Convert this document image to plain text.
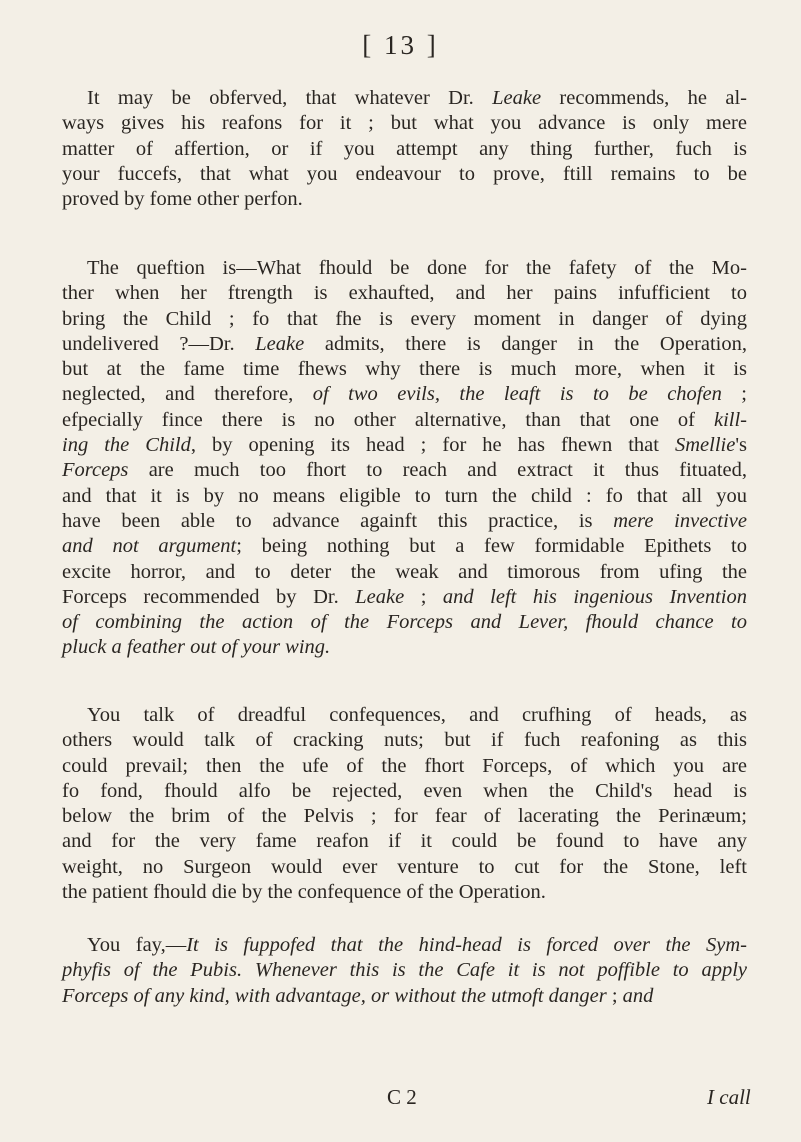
[ 13 ]
It may be obferved, that whatever Dr. Leake recommends, he al-
ways gives his reafons for it ; but what you advance is only mere
matter of affertion, or if you attempt any thing further, fuch is
your fuccefs, that what you endeavour to prove, ftill remains to be
proved by fome other perfon.
The queftion is—What fhould be done for the fafety of the Mo-
ther when her ftrength is exhaufted, and her pains infufficient to
bring the Child ; fo that fhe is every moment in danger of dying
undelivered ?—Dr. Leake admits, there is danger in the Operation,
but at the fame time fhews why there is much more, when it is
neglected, and therefore, of two evils, the leaft is to be chofen ;
efpecially fince there is no other alternative, than that one of kill-
ing the Child, by opening its head ; for he has fhewn that Smellie's
Forceps are much too fhort to reach and extract it thus fituated,
and that it is by no means eligible to turn the child : fo that all you
have been able to advance againft this practice, is mere invective
and not argument; being nothing but a few formidable Epithets to
excite horror, and to deter the weak and timorous from ufing the
Forceps recommended by Dr. Leake ; and left his ingenious Invention
of combining the action of the Forceps and Lever, fhould chance to
pluck a feather out of your wing.
You talk of dreadful confequences, and crufhing of heads, as
others would talk of cracking nuts; but if fuch reafoning as this
could prevail; then the ufe of the fhort Forceps, of which you are
fo fond, fhould alfo be rejected, even when the Child's head is
below the brim of the Pelvis ; for fear of lacerating the Perinæum;
and for the very fame reafon if it could be found to have any
weight, no Surgeon would ever venture to cut for the Stone, left
the patient fhould die by the confequence of the Operation.
You fay,—It is fuppofed that the hind-head is forced over the Sym-
phyfis of the Pubis. Whenever this is the Cafe it is not poffible to apply
Forceps of any kind, with advantage, or without the utmoft danger ; and
C 2	I call
